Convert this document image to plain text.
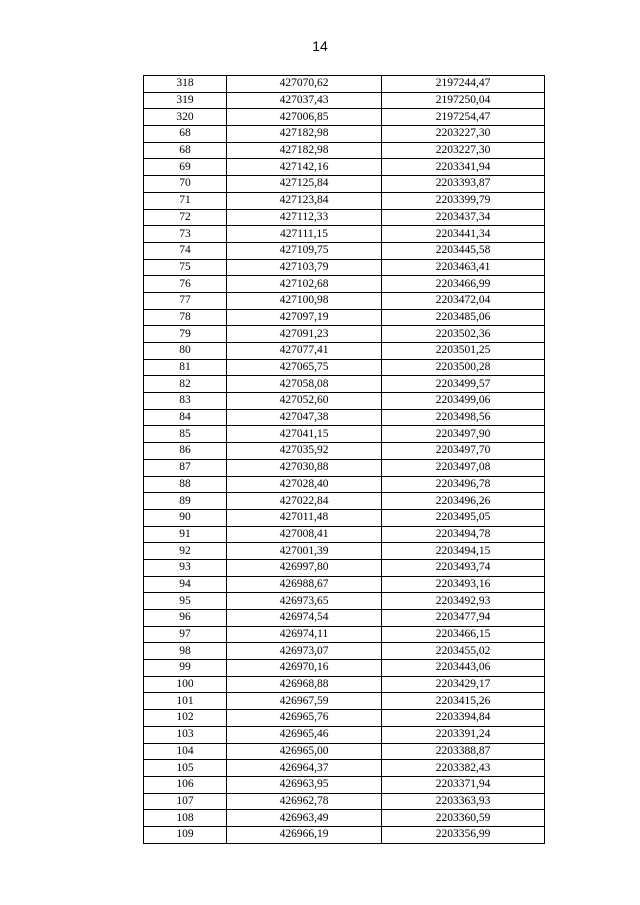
14
318	427070,62	2197244,47
319	427037,43	2197250,04
320	427006,85	2197254,47
68	427182,98	2203227,30
68	427182,98	2203227,30
69	427142,16	2203341,94
70	427125,84	2203393,87
71	427123,84	2203399,79
72	427112,33	2203437,34
73	427111,15	2203441,34
74	427109,75	2203445,58
75	427103,79	2203463,41
76	427102,68	2203466,99
77	427100,98	2203472,04
78	427097,19	2203485,06
79	427091,23	2203502,36
80	427077,41	2203501,25
81	427065,75	2203500,28
82	427058,08	2203499,57
83	427052,60	2203499,06
84	427047,38	2203498,56
85	427041,15	2203497,90
86	427035,92	2203497,70
87	427030,88	2203497,08
88	427028,40	2203496,78
89	427022,84	2203496,26
90	427011,48	2203495,05
91	427008,41	2203494,78
92	427001,39	2203494,15
93	426997,80	2203493,74
94	426988,67	2203493,16
95	426973,65	2203492,93
96	426974,54	2203477,94
97	426974,11	2203466,15
98	426973,07	2203455,02
99	426970,16	2203443,06
100	426968,88	2203429,17
101	426967,59	2203415,26
102	426965,76	2203394,84
103	426965,46	2203391,24
104	426965,00	2203388,87
105	426964,37	2203382,43
106	426963,95	2203371,94
107	426962,78	2203363,93
108	426963,49	2203360,59
109	426966,19	2203356,99
